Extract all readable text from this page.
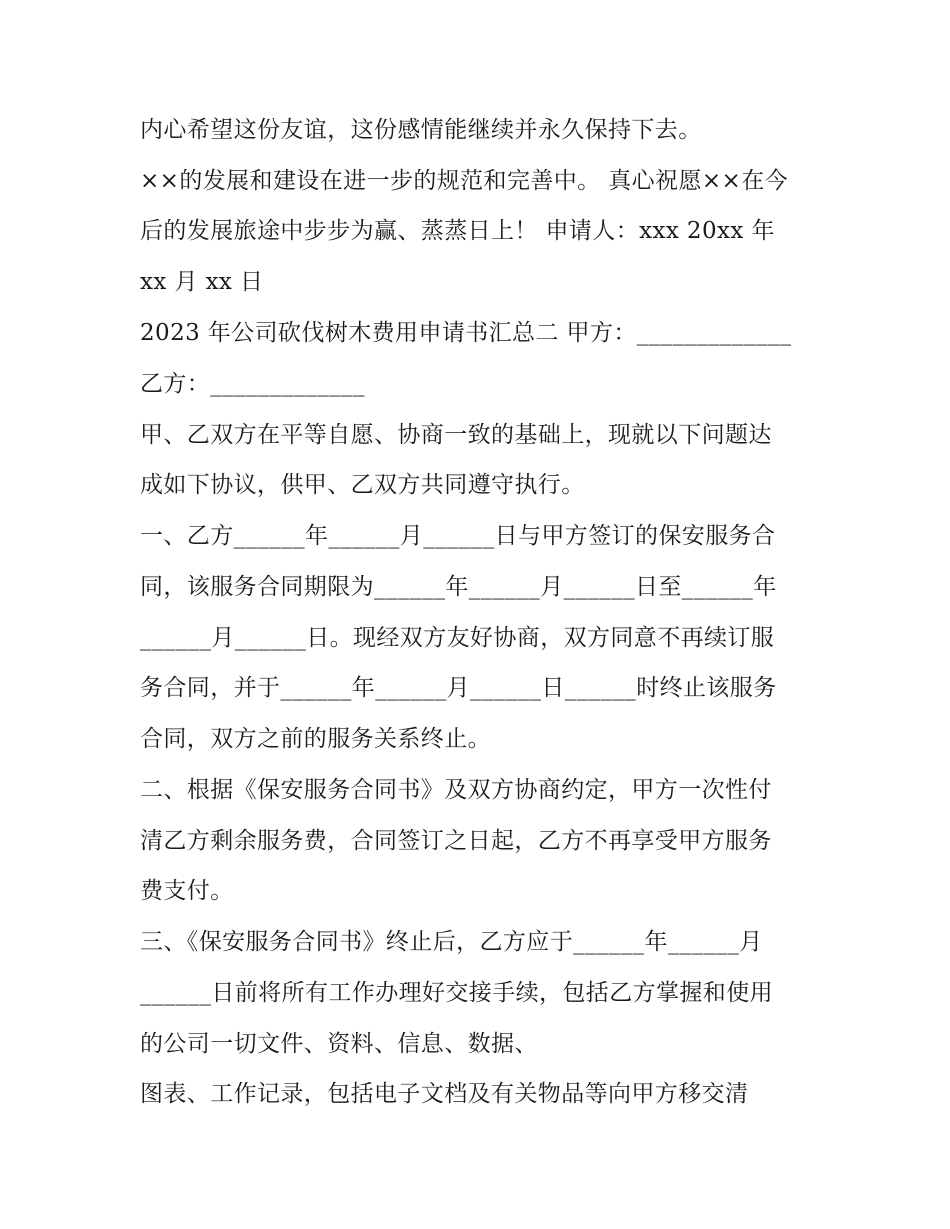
内心希望这份友谊，这份感情能继续并永久保持下去。
××的发展和建设在进一步的规范和完善中。 真心祝愿××在今
后的发展旅途中步步为赢、蒸蒸日上！ 申请人：xxx 20xx 年
xx 月 xx 日
2023 年公司砍伐树木费用申请书汇总二 甲方：_____________
乙方：_____________
甲、乙双方在平等自愿、协商一致的基础上，现就以下问题达
成如下协议，供甲、乙双方共同遵守执行。
一、乙方______年______月______日与甲方签订的保安服务合
同，该服务合同期限为______年______月______日至______年
______月______日。现经双方友好协商，双方同意不再续订服
务合同，并于______年______月______日______时终止该服务
合同，双方之前的服务关系终止。
二、根据《保安服务合同书》及双方协商约定，甲方一次性付
清乙方剩余服务费，合同签订之日起，乙方不再享受甲方服务
费支付。
三、《保安服务合同书》终止后，乙方应于______年______月
______日前将所有工作办理好交接手续，包括乙方掌握和使用
的公司一切文件、资料、信息、数据、
图表、工作记录，包括电子文档及有关物品等向甲方移交清
